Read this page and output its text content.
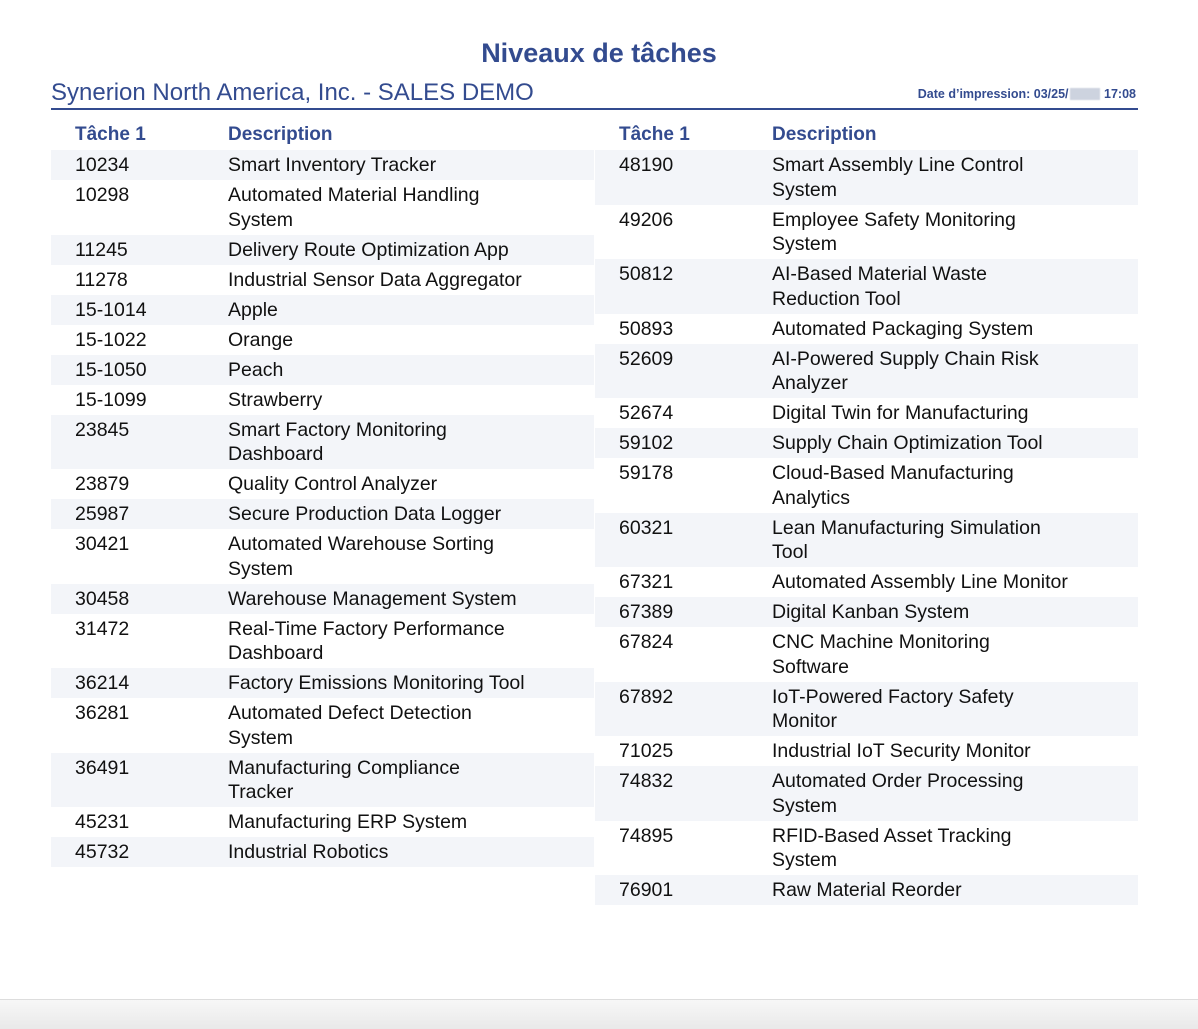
Niveaux de tâches
Synerion North America, Inc. - SALES DEMO	Date d’impression: 03/25/	17:08
Tâche 1	Description
10234	Smart Inventory Tracker
10298	Automated Material Handling System
11245	Delivery Route Optimization App
11278	Industrial Sensor Data Aggregator
15-1014	Apple
15-1022	Orange
15-1050	Peach
15-1099	Strawberry
23845	Smart Factory Monitoring Dashboard
23879	Quality Control Analyzer
25987	Secure Production Data Logger
30421	Automated Warehouse Sorting System
30458	Warehouse Management System
31472	Real-Time Factory Performance Dashboard
36214	Factory Emissions Monitoring Tool
36281	Automated Defect Detection System
36491	Manufacturing Compliance Tracker
45231	Manufacturing ERP System
45732	Industrial Robotics
Tâche 1	Description
48190	Smart Assembly Line Control System
49206	Employee Safety Monitoring System
50812	AI-Based Material Waste Reduction Tool
50893	Automated Packaging System
52609	AI-Powered Supply Chain Risk Analyzer
52674	Digital Twin for Manufacturing
59102	Supply Chain Optimization Tool
59178	Cloud-Based Manufacturing Analytics
60321	Lean Manufacturing Simulation Tool
67321	Automated Assembly Line Monitor
67389	Digital Kanban System
67824	CNC Machine Monitoring Software
67892	IoT-Powered Factory Safety Monitor
71025	Industrial IoT Security Monitor
74832	Automated Order Processing System
74895	RFID-Based Asset Tracking System
76901	Raw Material Reorder
